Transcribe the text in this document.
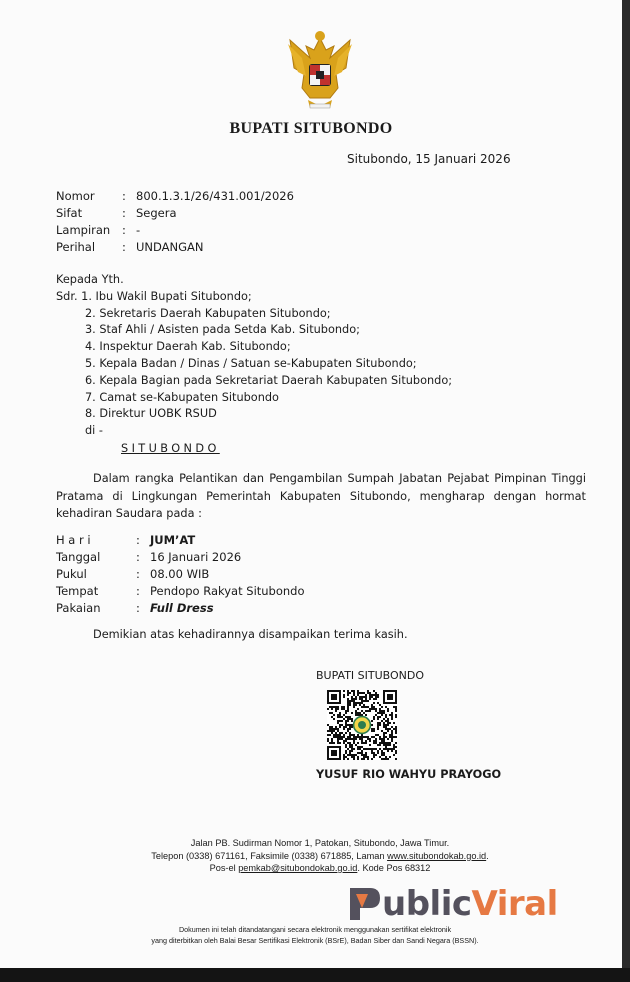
BUPATI SITUBONDO
Situbondo, 15 Januari 2026
Nomor	: 800.1.3.1/26/431.001/2026
Sifat	: Segera
Lampiran	: -
Perihal	: UNDANGAN
Kepada Yth.
Sdr. 1. Ibu Wakil Bupati Situbondo;
2. Sekretaris Daerah Kabupaten Situbondo;
3. Staf Ahli / Asisten pada Setda Kab. Situbondo;
4. Inspektur Daerah Kab. Situbondo;
5. Kepala Badan / Dinas / Satuan se-Kabupaten Situbondo;
6. Kepala Bagian pada Sekretariat Daerah Kabupaten Situbondo;
7. Camat se-Kabupaten Situbondo
8. Direktur UOBK RSUD
di -
SITUBONDO
Dalam rangka Pelantikan dan Pengambilan Sumpah Jabatan Pejabat Pimpinan Tinggi Pratama di Lingkungan Pemerintah Kabupaten Situbondo, mengharap dengan hormat kehadiran Saudara pada :
H a r i	: JUM’AT
Tanggal	: 16 Januari 2026
Pukul	: 08.00 WIB
Tempat	: Pendopo Rakyat Situbondo
Pakaian	: Full Dress
Demikian atas kehadirannya disampaikan terima kasih.
BUPATI SITUBONDO
YUSUF RIO WAHYU PRAYOGO
Jalan PB. Sudirman Nomor 1, Patokan, Situbondo, Jawa Timur.
Telepon (0338) 671161, Faksimile (0338) 671885, Laman www.situbondokab.go.id.
Pos-el pemkab@situbondokab.go.id. Kode Pos 68312
Dokumen ini telah ditandatangani secara elektronik menggunakan sertifikat elektronik
yang diterbitkan oleh Balai Besar Sertifikasi Elektronik (BSrE), Badan Siber dan Sandi Negara (BSSN).
ublic Viral
